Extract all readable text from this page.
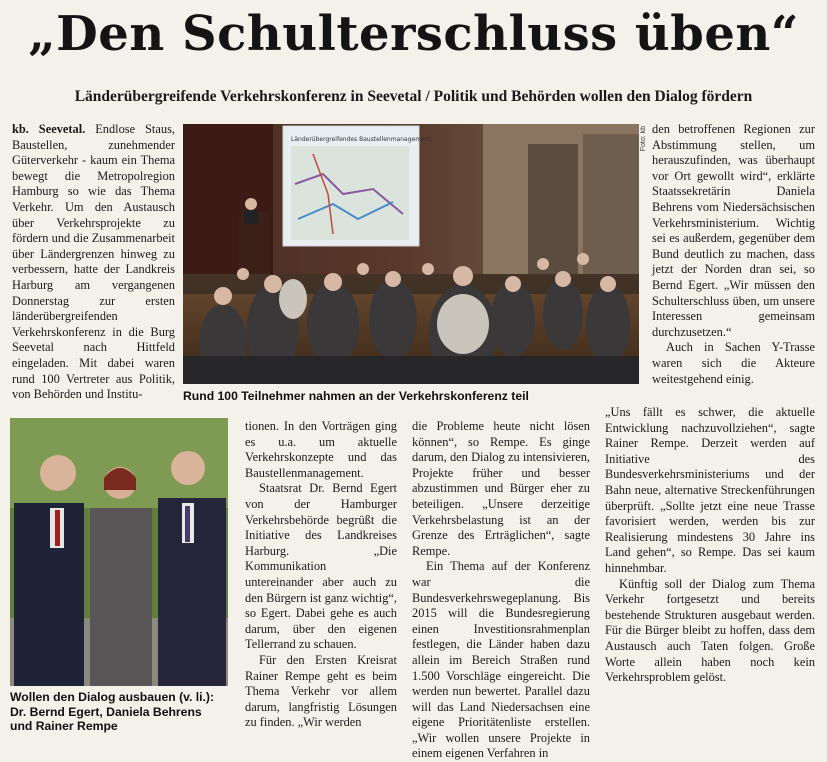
„Den Schulterschluss üben“
Länderübergreifende Verkehrskonferenz in Seevetal / Politik und Behörden wollen den Dialog fördern

kb. Seevetal. Endlose Staus, Baustellen, zunehmender Güterverkehr - kaum ein Thema bewegt die Metropolregion Hamburg so wie das Thema Verkehr. Um den Austausch über Verkehrsprojekte zu fördern und die Zusammenarbeit über Ländergrenzen hinweg zu verbessern, hatte der Landkreis Harburg am vergangenen Donnerstag zur ersten länderübergreifenden Verkehrskonferenz in die Burg Seevetal nach Hittfeld eingeladen. Mit dabei waren rund 100 Vertreter aus Politik, von Behörden und Institu-

Länderübergreifendes Baustellenmanagement	Foto: kb
Rund 100 Teilnehmer nahmen an der Verkehrskonferenz teil

den betroffenen Regionen zur Abstimmung stellen, um herauszufinden, was überhaupt vor Ort gewollt wird“, erklärte Staatssekretärin Daniela Behrens vom Niedersächsischen Verkehrsministerium. Wichtig sei es außerdem, gegenüber dem Bund deutlich zu machen, dass jetzt der Norden dran sei, so Bernd Egert. „Wir müssen den Schulterschluss üben, um unsere Interessen gemeinsam durchzusetzen.“

Auch in Sachen Y-Trasse waren sich die Akteure weitestgehend einig.

Wollen den Dialog ausbauen (v. li.):
Dr. Bernd Egert, Daniela Behrens
und Rainer Rempe

tionen. In den Vorträgen ging es u.a. um aktuelle Verkehrskonzepte und das Baustellenmanagement.

Staatsrat Dr. Bernd Egert von der Hamburger Verkehrsbehörde begrüßt die Initiative des Landkreises Harburg. „Die Kommunikation untereinander aber auch zu den Bürgern ist ganz wichtig“, so Egert. Dabei gehe es auch darum, über den eigenen Tellerrand zu schauen.

Für den Ersten Kreisrat Rainer Rempe geht es beim Thema Verkehr vor allem darum, langfristig Lösungen zu finden. „Wir werden

die Probleme heute nicht lösen können“, so Rempe. Es ginge darum, den Dialog zu intensivieren, Projekte früher und besser abzustimmen und Bürger eher zu beteiligen. „Unsere derzeitige Verkehrsbelastung ist an der Grenze des Erträglichen“, sagte Rempe.

Ein Thema auf der Konferenz war die Bundesverkehrswegeplanung. Bis 2015 will die Bundesregierung einen Investitionsrahmenplan festlegen, die Länder haben dazu allein im Bereich Straßen rund 1.500 Vorschläge eingereicht. Die werden nun bewertet. Parallel dazu will das Land Niedersachsen eine eigene Prioritätenliste erstellen. „Wir wollen unsere Projekte in einem eigenen Verfahren in

„Uns fällt es schwer, die aktuelle Entwicklung nachzuvollziehen“, sagte Rainer Rempe. Derzeit werden auf Initiative des Bundesverkehrsministeriums und der Bahn neue, alternative Streckenführungen überprüft. „Sollte jetzt eine neue Trasse favorisiert werden, werden bis zur Realisierung mindestens 30 Jahre ins Land gehen“, so Rempe. Das sei kaum hinnehmbar.

Künftig soll der Dialog zum Thema Verkehr fortgesetzt und bereits bestehende Strukturen ausgebaut werden. Für die Bürger bleibt zu hoffen, dass dem Austausch auch Taten folgen. Große Worte allein haben noch kein Verkehrsproblem gelöst.
